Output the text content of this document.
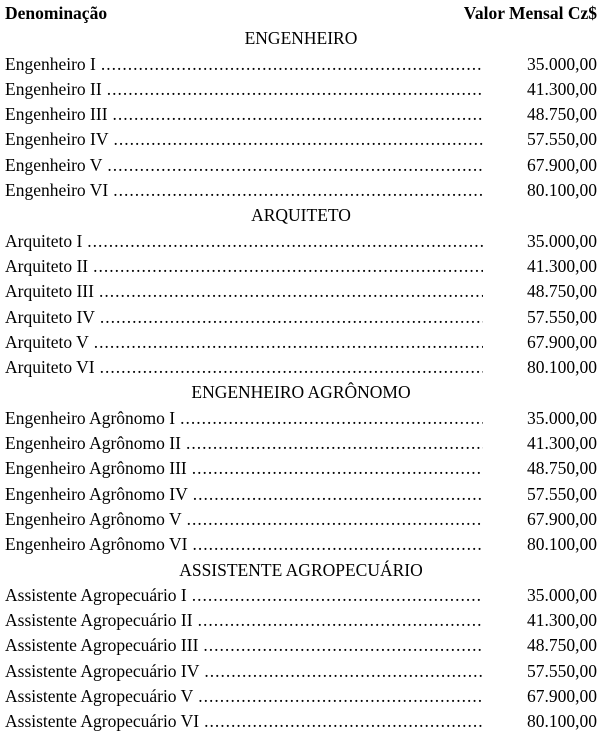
Denominação	Valor Mensal Cz$
ENGENHEIRO
Engenheiro I .....	35.000,00
Engenheiro II .....	41.300,00
Engenheiro III .....	48.750,00
Engenheiro IV .....	57.550,00
Engenheiro V .....	67.900,00
Engenheiro VI .....	80.100,00
ARQUITETO
Arquiteto I .....	35.000,00
Arquiteto II .....	41.300,00
Arquiteto III .....	48.750,00
Arquiteto IV .....	57.550,00
Arquiteto V .....	67.900,00
Arquiteto VI .....	80.100,00
ENGENHEIRO AGRÔNOMO
Engenheiro Agrônomo I .....	35.000,00
Engenheiro Agrônomo II .....	41.300,00
Engenheiro Agrônomo III .....	48.750,00
Engenheiro Agrônomo IV .....	57.550,00
Engenheiro Agrônomo V .....	67.900,00
Engenheiro Agrônomo VI .....	80.100,00
ASSISTENTE AGROPECUÁRIO
Assistente Agropecuário I .....	35.000,00
Assistente Agropecuário II .....	41.300,00
Assistente Agropecuário III .....	48.750,00
Assistente Agropecuário IV .....	57.550,00
Assistente Agropecuário V .....	67.900,00
Assistente Agropecuário VI .....	80.100,00
